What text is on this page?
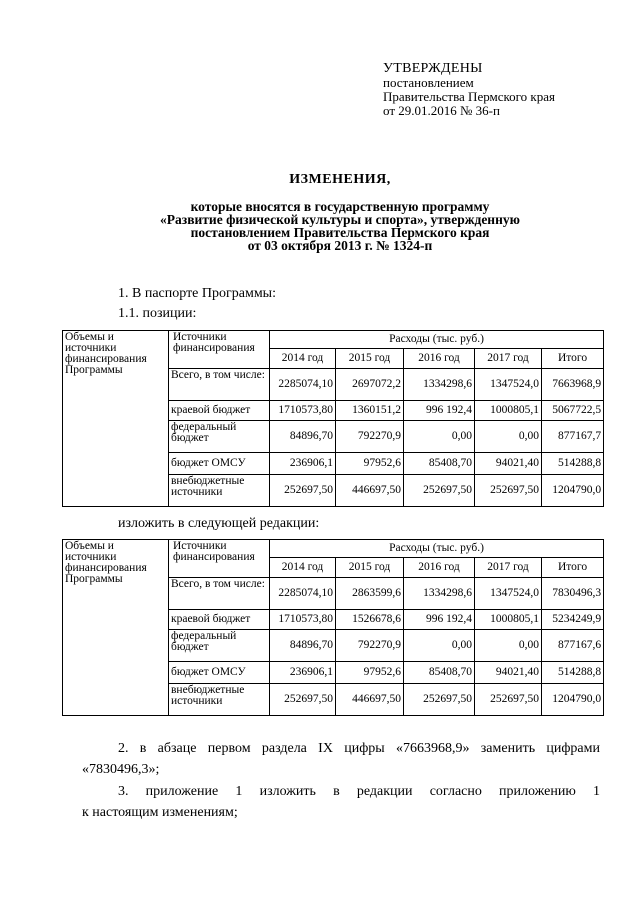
УТВЕРЖДЕНЫ
постановлением
Правительства Пермского края
от 29.01.2016 № 36-п
ИЗМЕНЕНИЯ,
которые вносятся в государственную программу
«Развитие физической культуры и спорта», утвержденную
постановлением Правительства Пермского края
от 03 октября 2013 г. № 1324-п
1. В паспорте Программы:
1.1. позиции:
Объемы и источники финансирования Программы	Источники финансирования	Расходы (тыс. руб.)				
		2014 год	2015 год	2016 год	2017 год	Итого
	Всего, в том числе:	2285074,10	2697072,2	1334298,6	1347524,0	7663968,9
	краевой бюджет	1710573,80	1360151,2	996 192,4	1000805,1	5067722,5
	федеральный бюджет	84896,70	792270,9	0,00	0,00	877167,7
	бюджет ОМСУ	236906,1	97952,6	85408,70	94021,40	514288,8
	внебюджетные источники	252697,50	446697,50	252697,50	252697,50	1204790,0
изложить в следующей редакции:
Объемы и источники финансирования Программы	Источники финансирования	Расходы (тыс. руб.)				
		2014 год	2015 год	2016 год	2017 год	Итого
	Всего, в том числе:	2285074,10	2863599,6	1334298,6	1347524,0	7830496,3
	краевой бюджет	1710573,80	1526678,6	996 192,4	1000805,1	5234249,9
	федеральный бюджет	84896,70	792270,9	0,00	0,00	877167,6
	бюджет ОМСУ	236906,1	97952,6	85408,70	94021,40	514288,8
	внебюджетные источники	252697,50	446697,50	252697,50	252697,50	1204790,0
2. в абзаце первом раздела IX цифры «7663968,9» заменить цифрами «7830496,3»;
3. приложение 1 изложить в редакции согласно приложению 1
к настоящим изменениям;
